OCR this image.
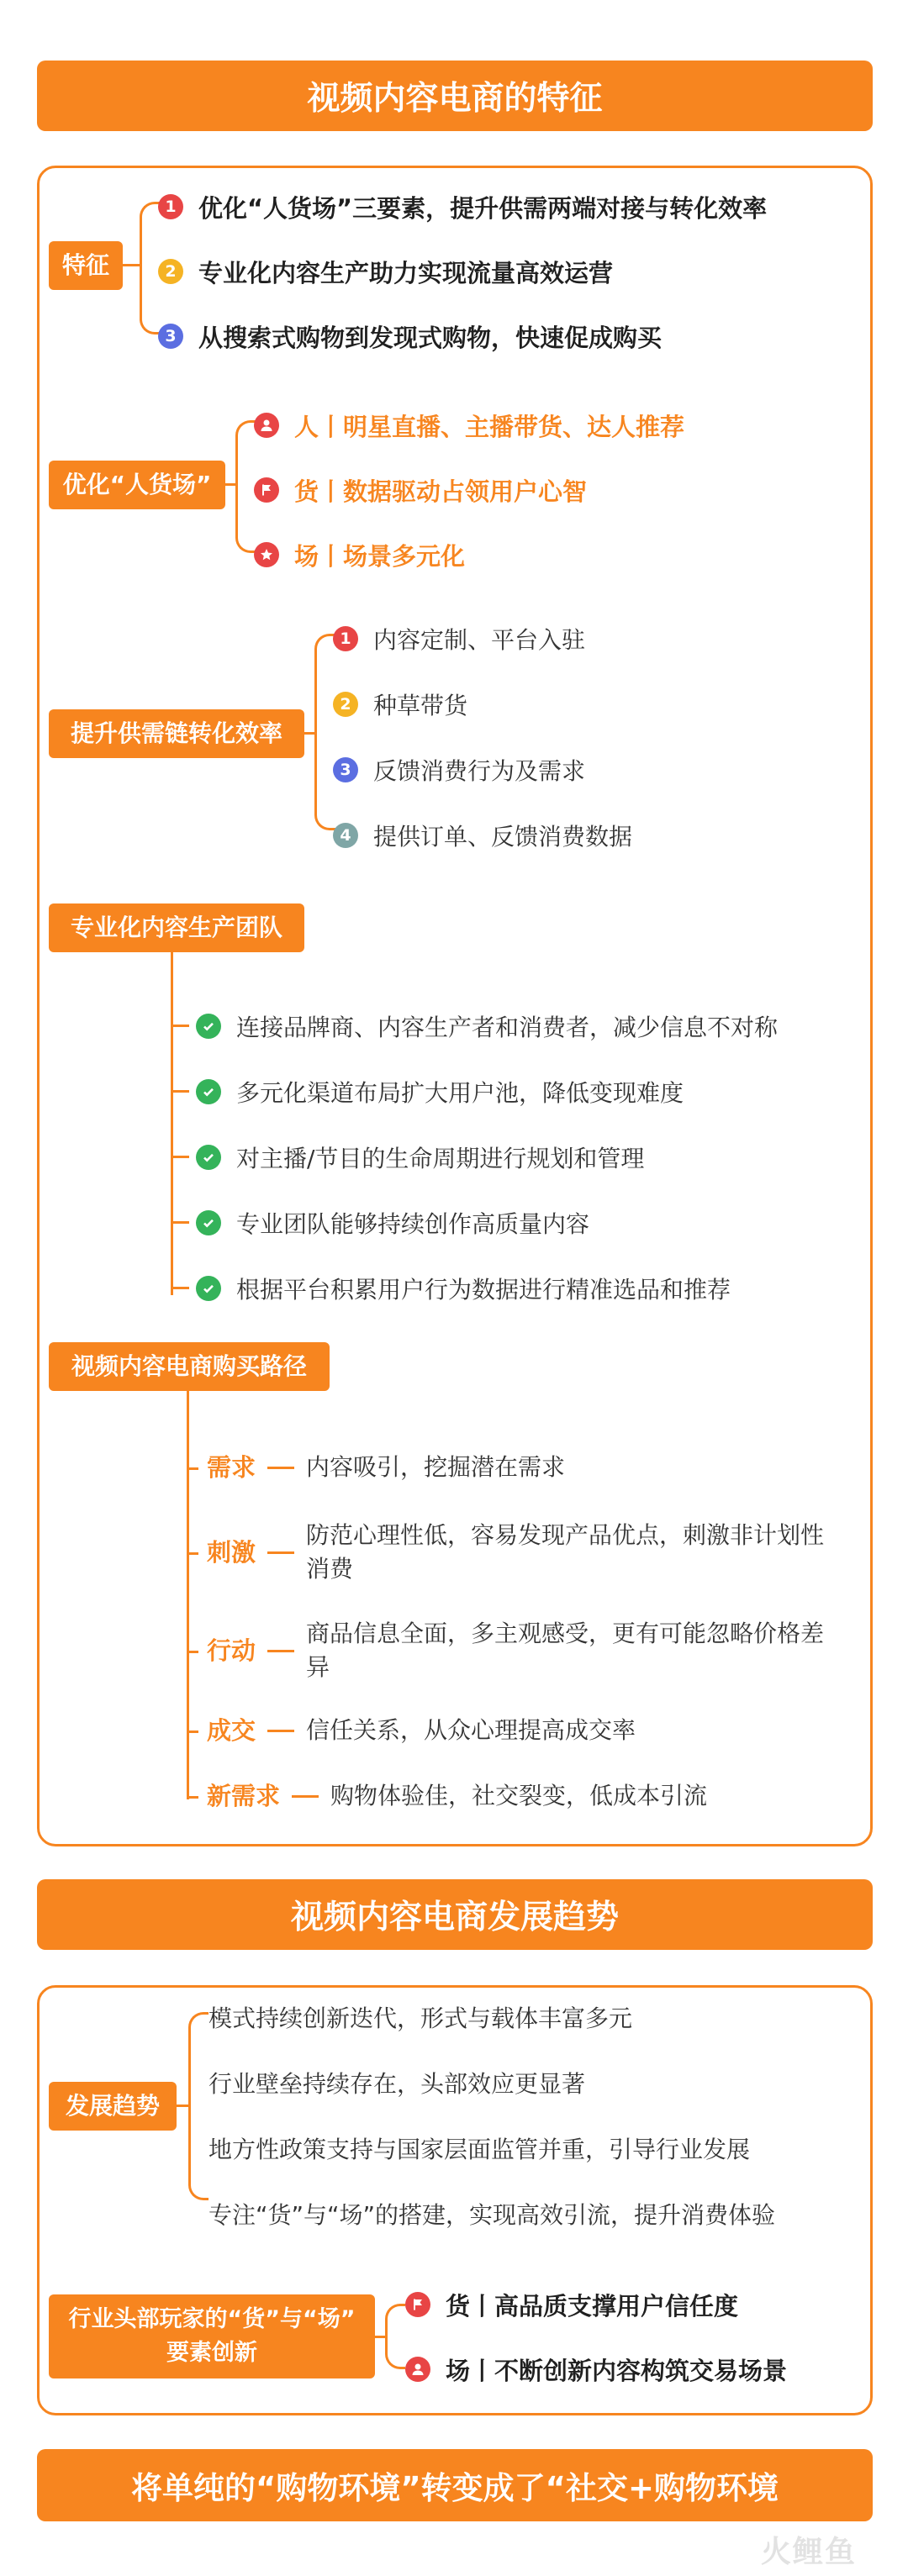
视频内容电商的特征
特征
1 优化“人货场”三要素，提升供需两端对接与转化效率
2 专业化内容生产助力实现流量高效运营
3 从搜索式购物到发现式购物，快速促成购买
优化“人货场”
人丨明星直播、主播带货、达人推荐
货丨数据驱动占领用户心智
场丨场景多元化
提升供需链转化效率
1 内容定制、平台入驻
2 种草带货
3 反馈消费行为及需求
4 提供订单、反馈消费数据
专业化内容生产团队
连接品牌商、内容生产者和消费者，减少信息不对称
多元化渠道布局扩大用户池，降低变现难度
对主播/节目的生命周期进行规划和管理
专业团队能够持续创作高质量内容
根据平台积累用户行为数据进行精准选品和推荐
视频内容电商购买路径
需求 内容吸引，挖掘潜在需求
刺激
防范心理性低，容易发现产品优点，刺激非计划性消费
行动
商品信息全面，多主观感受，更有可能忽略价格差异
成交 信任关系，从众心理提高成交率
新需求 购物体验佳，社交裂变，低成本引流
视频内容电商发展趋势
发展趋势
模式持续创新迭代，形式与载体丰富多元
行业壁垒持续存在，头部效应更显著
地方性政策支持与国家层面监管并重，引导行业发展
专注“货”与“场”的搭建，实现高效引流，提升消费体验
行业头部玩家的“货”与“场”
要素创新
货丨高品质支撑用户信任度
场丨不断创新内容构筑交易场景
将单纯的“购物环境”转变成了“社交+购物环境
火鲤鱼
